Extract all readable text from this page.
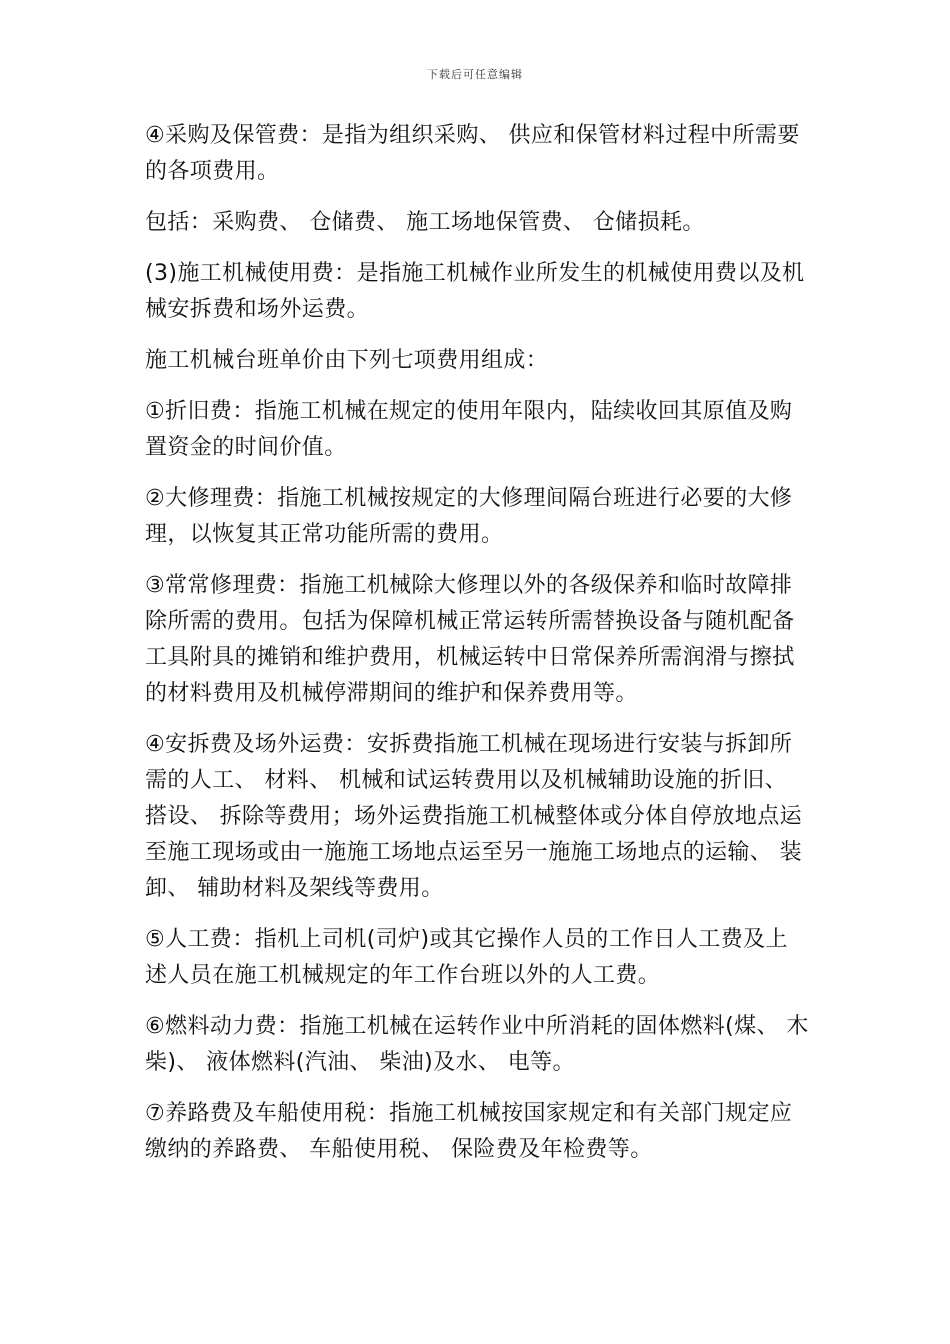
下载后可任意编辑

④采购及保管费：是指为组织采购、 供应和保管材料过程中所需要的各项费用。

包括：采购费、 仓储费、 施工场地保管费、 仓储损耗。

(3)施工机械使用费：是指施工机械作业所发生的机械使用费以及机械安拆费和场外运费。

施工机械台班单价由下列七项费用组成：

①折旧费：指施工机械在规定的使用年限内，陆续收回其原值及购置资金的时间价值。

②大修理费：指施工机械按规定的大修理间隔台班进行必要的大修理，以恢复其正常功能所需的费用。

③常常修理费：指施工机械除大修理以外的各级保养和临时故障排除所需的费用。包括为保障机械正常运转所需替换设备与随机配备工具附具的摊销和维护费用，机械运转中日常保养所需润滑与擦拭的材料费用及机械停滞期间的维护和保养费用等。

④安拆费及场外运费：安拆费指施工机械在现场进行安装与拆卸所需的人工、 材料、 机械和试运转费用以及机械辅助设施的折旧、 搭设、 拆除等费用；场外运费指施工机械整体或分体自停放地点运至施工现场或由一施施工场地点运至另一施施工场地点的运输、 装卸、 辅助材料及架线等费用。

⑤人工费：指机上司机(司炉)或其它操作人员的工作日人工费及上述人员在施工机械规定的年工作台班以外的人工费。

⑥燃料动力费：指施工机械在运转作业中所消耗的固体燃料(煤、 木柴)、 液体燃料(汽油、 柴油)及水、 电等。

⑦养路费及车船使用税：指施工机械按国家规定和有关部门规定应缴纳的养路费、 车船使用税、 保险费及年检费等。
